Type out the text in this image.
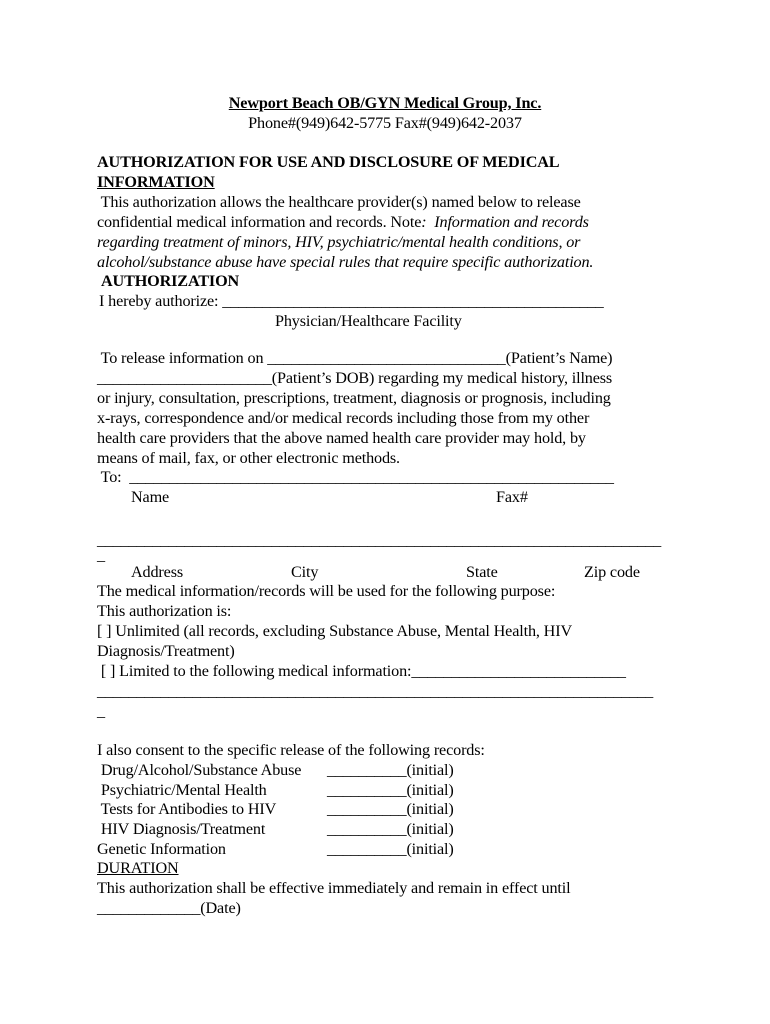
Newport Beach OB/GYN Medical Group, Inc.
Phone#(949)642-5775 Fax#(949)642-2037
AUTHORIZATION FOR USE AND DISCLOSURE OF MEDICAL
INFORMATION
This authorization allows the healthcare provider(s) named below to release
confidential medical information and records. Note:  Information and records
regarding treatment of minors, HIV, psychiatric/mental health conditions, or
alcohol/substance abuse have special rules that require specific authorization.
AUTHORIZATION
I hereby authorize: ________________________________________________
Physician/Healthcare Facility
To release information on ______________________________(Patient’s Name)
______________________(Patient’s DOB) regarding my medical history, illness
or injury, consultation, prescriptions, treatment, diagnosis or prognosis, including
x-rays, correspondence and/or medical records including those from my other
health care providers that the above named health care provider may hold, by
means of mail, fax, or other electronic methods.
To:  _____________________________________________________________
Name	Fax#
_______________________________________________________________________
_
Address	City	State	Zip code
The medical information/records will be used for the following purpose:
This authorization is:
[ ] Unlimited (all records, excluding Substance Abuse, Mental Health, HIV
Diagnosis/Treatment)
[ ] Limited to the following medical information:___________________________
______________________________________________________________________
_
I also consent to the specific release of the following records:
Drug/Alcohol/Substance Abuse __________(initial)
Psychiatric/Mental Health	__________(initial)
Tests for Antibodies to HIV	__________(initial)
HIV Diagnosis/Treatment	__________(initial)
Genetic Information	__________(initial)
DURATION
This authorization shall be effective immediately and remain in effect until
_____________(Date)
